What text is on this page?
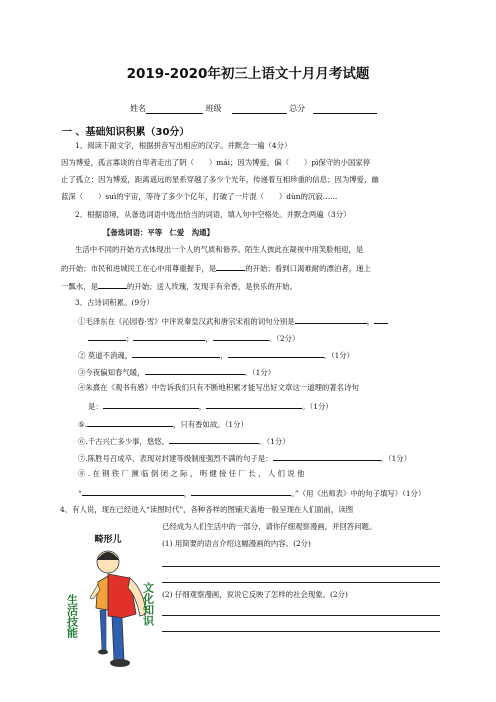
2019-2020年初三上语文十月月考试题
姓名	班级	总分
一 、基础知识积累（30分）
1、阅读下面文字，根据拼音写出相应的汉字。并默念一遍（4分）
因为博爱，孤言寡谈的自卑者走出了阴（　　）mái；因为博爱，偏（　　）pì保守的小国家停
止了孤立；因为博爱，距离遥远的星系穿越了多少个光年，传递着互相珍重的信息；因为博爱，幽
蓝深（　　）suì的宇宙，等待了多少个亿年，打破了一片混（　　）dùn的沉寂……
2、根据语境，从备选词语中选出恰当的词语，填入句中空格处。并默念两遍（3分）
【备选词语：平等　仁爱　沟通】
生活中不同的开始方式体现出一个人的气质和修养。陌生人彼此在凝视中用笑脸相迎，是
的开始；市民和进城民工在心中用尊重握手，是	的开始；看到口渴难耐的漂泊者，递上
一瓢水，是	的开始；送人玫瑰，发现手有余香，是快乐的开始。
3、古诗词积累。(9分）
①毛泽东在《沁园春·雪》中评说秦皇汉武和唐宗宋祖的词句分别是	，
；	，	。（2分）
② 莫道不消魂，	，	。（1分）
③今夜偏知春气暖，	。（1分）
④朱熹在《观书有感》中告诉我们只有不断地积累才能写出好文章这一道理的著名诗句
是：	，	。（1分）
⑤.	，只有香如故。（1分）
⑥.千古兴亡多少事，悠悠。	。（1分）
⑦.陈胜号召成卒、表现对封建等级制度强烈不满的句子是：	。（1分）
⑧ . 在 钢 铁 厂 濒 临 倒 闭 之 际 ， 明 健 接 任 厂 长 ， 人 们 说 他
“	，	。”（用《出师表》中的句子填写）（1分）
4、有人说，现在已经进入“读图时代”，各种各样的图铺天盖地一般呈现在人们面前，读图
已经成为人们生活中的一部分，请你仔细观察漫画，并回答问题。
(1) 用简要的语言介绍这幅漫画的内容。(2分)
(2) 仔细观察漫画，说说它反映了怎样的社会现象。(2分)
畸形儿
生活技能	文化知识
